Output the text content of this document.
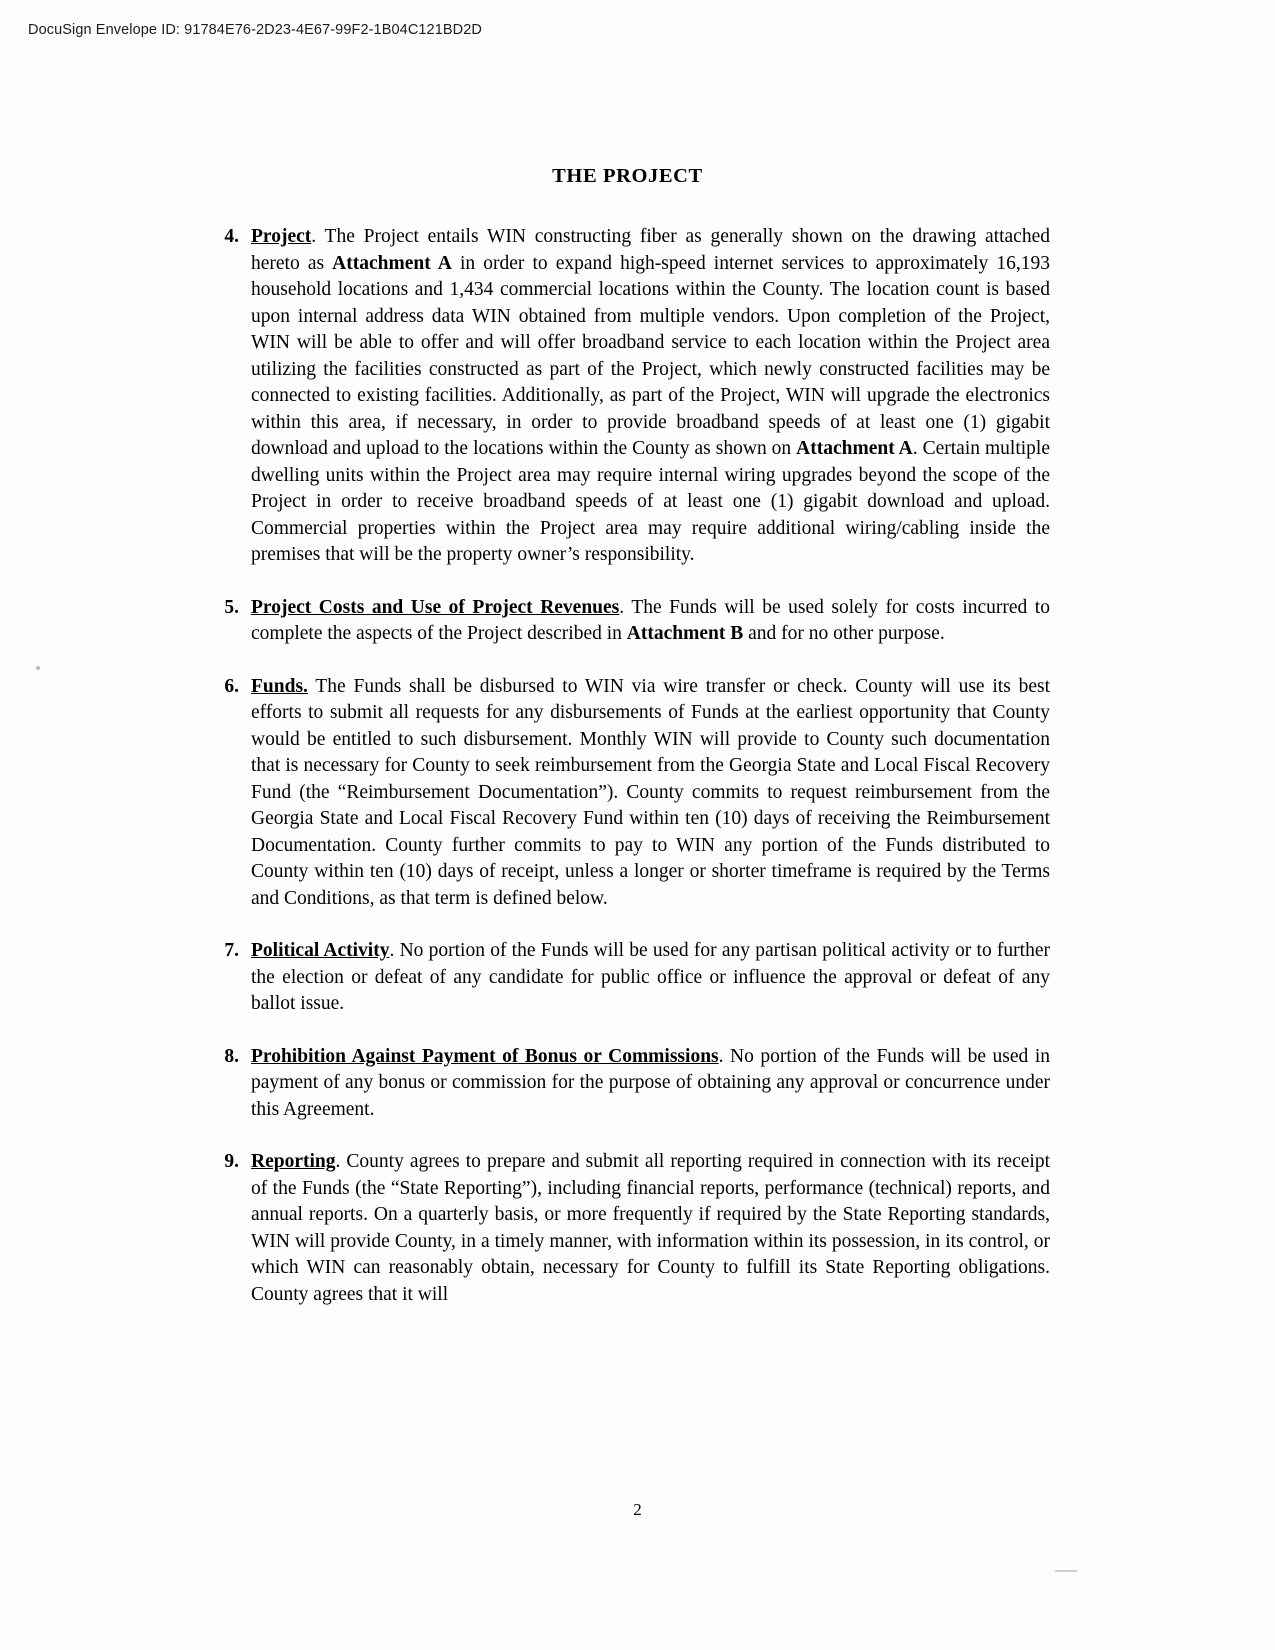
DocuSign Envelope ID: 91784E76-2D23-4E67-99F2-1B04C121BD2D
THE PROJECT
4. Project. The Project entails WIN constructing fiber as generally shown on the drawing attached hereto as Attachment A in order to expand high-speed internet services to approximately 16,193 household locations and 1,434 commercial locations within the County. The location count is based upon internal address data WIN obtained from multiple vendors. Upon completion of the Project, WIN will be able to offer and will offer broadband service to each location within the Project area utilizing the facilities constructed as part of the Project, which newly constructed facilities may be connected to existing facilities. Additionally, as part of the Project, WIN will upgrade the electronics within this area, if necessary, in order to provide broadband speeds of at least one (1) gigabit download and upload to the locations within the County as shown on Attachment A. Certain multiple dwelling units within the Project area may require internal wiring upgrades beyond the scope of the Project in order to receive broadband speeds of at least one (1) gigabit download and upload. Commercial properties within the Project area may require additional wiring/cabling inside the premises that will be the property owner’s responsibility.
5. Project Costs and Use of Project Revenues. The Funds will be used solely for costs incurred to complete the aspects of the Project described in Attachment B and for no other purpose.
6. Funds. The Funds shall be disbursed to WIN via wire transfer or check. County will use its best efforts to submit all requests for any disbursements of Funds at the earliest opportunity that County would be entitled to such disbursement. Monthly WIN will provide to County such documentation that is necessary for County to seek reimbursement from the Georgia State and Local Fiscal Recovery Fund (the “Reimbursement Documentation”). County commits to request reimbursement from the Georgia State and Local Fiscal Recovery Fund within ten (10) days of receiving the Reimbursement Documentation. County further commits to pay to WIN any portion of the Funds distributed to County within ten (10) days of receipt, unless a longer or shorter timeframe is required by the Terms and Conditions, as that term is defined below.
7. Political Activity. No portion of the Funds will be used for any partisan political activity or to further the election or defeat of any candidate for public office or influence the approval or defeat of any ballot issue.
8. Prohibition Against Payment of Bonus or Commissions. No portion of the Funds will be used in payment of any bonus or commission for the purpose of obtaining any approval or concurrence under this Agreement.
9. Reporting. County agrees to prepare and submit all reporting required in connection with its receipt of the Funds (the “State Reporting”), including financial reports, performance (technical) reports, and annual reports. On a quarterly basis, or more frequently if required by the State Reporting standards, WIN will provide County, in a timely manner, with information within its possession, in its control, or which WIN can reasonably obtain, necessary for County to fulfill its State Reporting obligations. County agrees that it will
2
